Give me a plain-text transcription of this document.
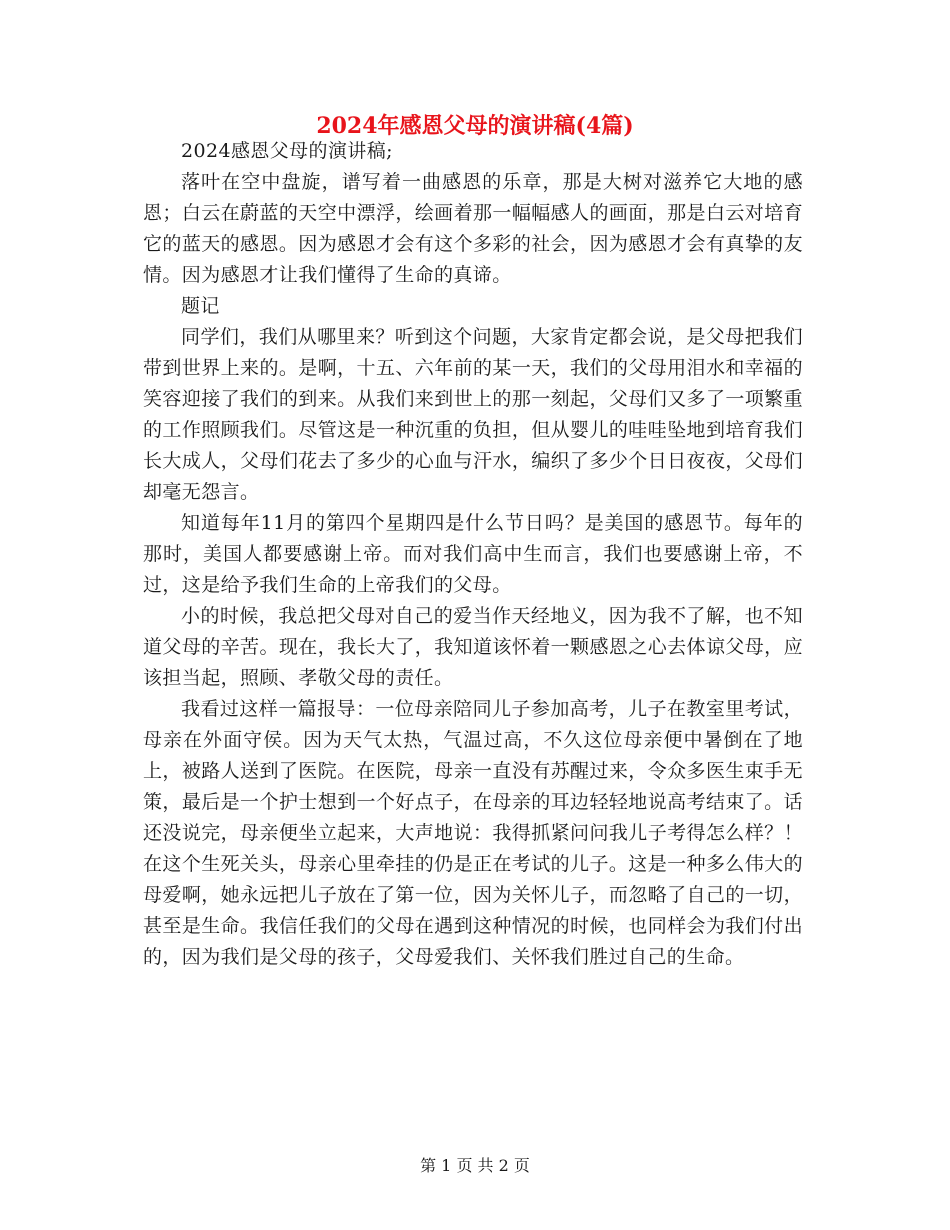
2024年感恩父母的演讲稿(4篇)

2024感恩父母的演讲稿;

落叶在空中盘旋，谱写着一曲感恩的乐章，那是大树对滋养它大地的感恩；白云在蔚蓝的天空中漂浮，绘画着那一幅幅感人的画面，那是白云对培育它的蓝天的感恩。因为感恩才会有这个多彩的社会，因为感恩才会有真挚的友情。因为感恩才让我们懂得了生命的真谛。

题记

同学们，我们从哪里来？听到这个问题，大家肯定都会说，是父母把我们带到世界上来的。是啊，十五、六年前的某一天，我们的父母用泪水和幸福的笑容迎接了我们的到来。从我们来到世上的那一刻起，父母们又多了一项繁重的工作照顾我们。尽管这是一种沉重的负担，但从婴儿的哇哇坠地到培育我们长大成人，父母们花去了多少的心血与汗水，编织了多少个日日夜夜，父母们却毫无怨言。

知道每年11月的第四个星期四是什么节日吗？是美国的感恩节。每年的那时，美国人都要感谢上帝。而对我们高中生而言，我们也要感谢上帝，不过，这是给予我们生命的上帝我们的父母。

小的时候，我总把父母对自己的爱当作天经地义，因为我不了解，也不知道父母的辛苦。现在，我长大了，我知道该怀着一颗感恩之心去体谅父母，应该担当起，照顾、孝敬父母的责任。

我看过这样一篇报导：一位母亲陪同儿子参加高考，儿子在教室里考试，母亲在外面守侯。因为天气太热，气温过高，不久这位母亲便中暑倒在了地上，被路人送到了医院。在医院，母亲一直没有苏醒过来，令众多医生束手无策，最后是一个护士想到一个好点子，在母亲的耳边轻轻地说高考结束了。话还没说完，母亲便坐立起来，大声地说：我得抓紧问问我儿子考得怎么样？！在这个生死关头，母亲心里牵挂的仍是正在考试的儿子。这是一种多么伟大的母爱啊，她永远把儿子放在了第一位，因为关怀儿子，而忽略了自己的一切，甚至是生命。我信任我们的父母在遇到这种情况的时候，也同样会为我们付出的，因为我们是父母的孩子，父母爱我们、关怀我们胜过自己的生命。

第 1 页 共 2 页
